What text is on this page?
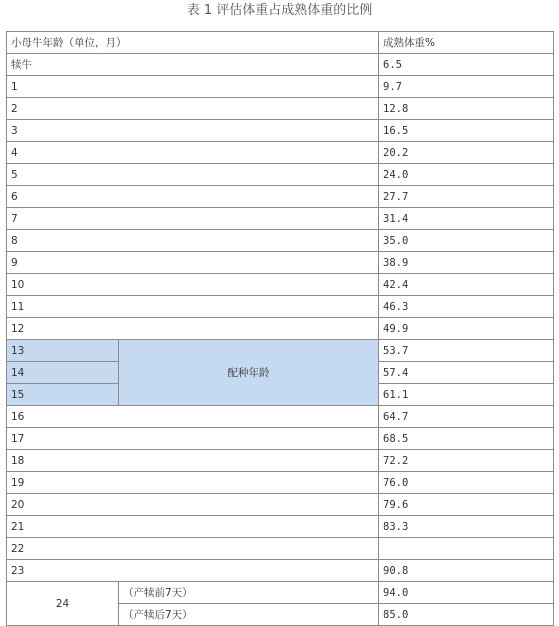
表 1 评估体重占成熟体重的比例
小母牛年龄（单位，月）		成熟体重%
犊牛		6.5
1		9.7
2		12.8
3		16.5
4		20.2
5		24.0
6		27.7
7		31.4
8		35.0
9		38.9
10		42.4
11		46.3
12		49.9
13	配种年龄	53.7
14		57.4
15		61.1
16		64.7
17		68.5
18		72.2
19		76.0
20		79.6
21		83.3
22		
23		90.8
24	（产犊前7天）	94.0
	（产犊后7天）	85.0
